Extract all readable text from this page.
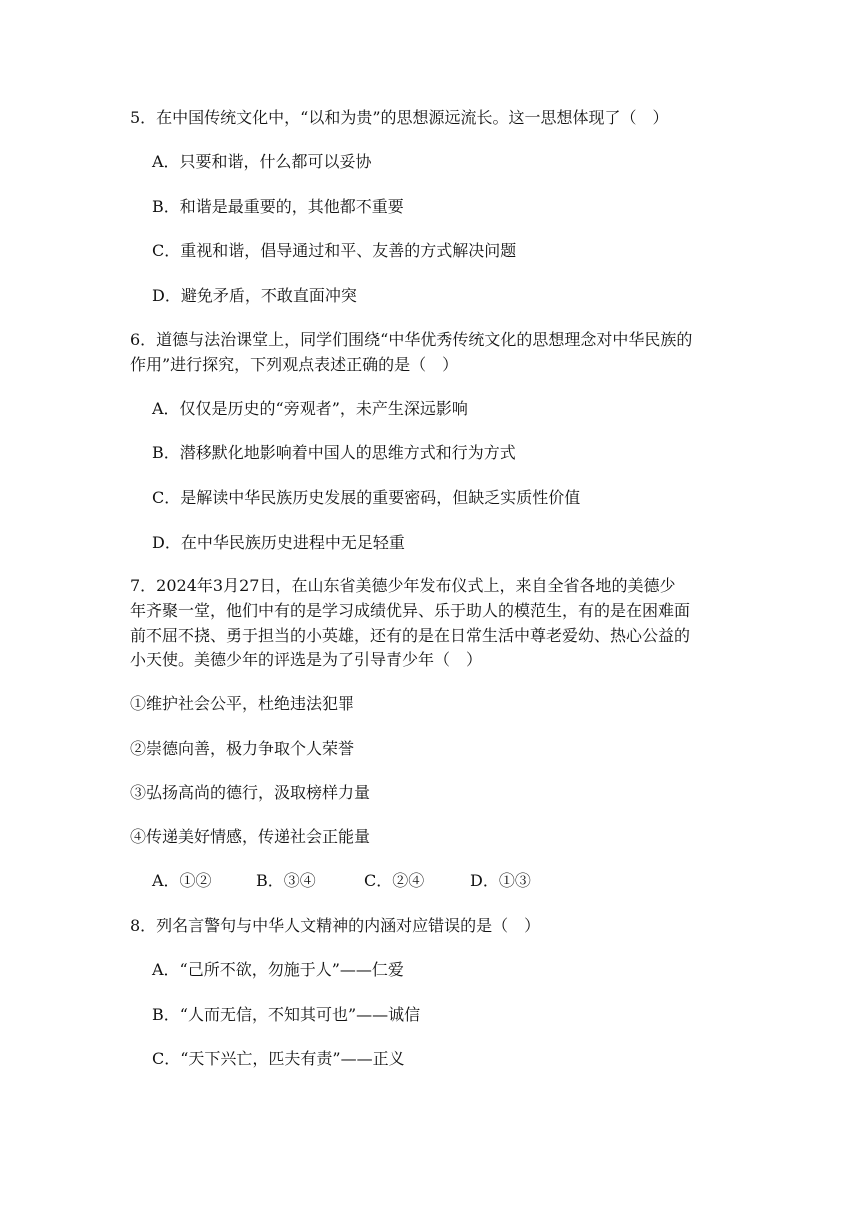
5．在中国传统文化中，“以和为贵”的思想源远流长。这一思想体现了（　）

A．只要和谐，什么都可以妥协

B．和谐是最重要的，其他都不重要

C．重视和谐，倡导通过和平、友善的方式解决问题

D．避免矛盾，不敢直面冲突

6．道德与法治课堂上，同学们围绕“中华优秀传统文化的思想理念对中华民族的

作用”进行探究，下列观点表述正确的是（　）

A．仅仅是历史的“旁观者”，未产生深远影响

B．潜移默化地影响着中国人的思维方式和行为方式

C．是解读中华民族历史发展的重要密码，但缺乏实质性价值

D．在中华民族历史进程中无足轻重

7．2024年3月27日，在山东省美德少年发布仪式上，来自全省各地的美德少

年齐聚一堂，他们中有的是学习成绩优异、乐于助人的模范生，有的是在困难面

前不屈不挠、勇于担当的小英雄，还有的是在日常生活中尊老爱幼、热心公益的

小天使。美德少年的评选是为了引导青少年（　）

①维护社会公平，杜绝违法犯罪

②崇德向善，极力争取个人荣誉

③弘扬高尚的德行，汲取榜样力量

④传递美好情感，传递社会正能量

A．①②	B．③④	C．②④	D．①③

8．列名言警句与中华人文精神的内涵对应错误的是（　）

A．“己所不欲，勿施于人”——仁爱

B．“人而无信，不知其可也”——诚信

C．“天下兴亡，匹夫有责”——正义
